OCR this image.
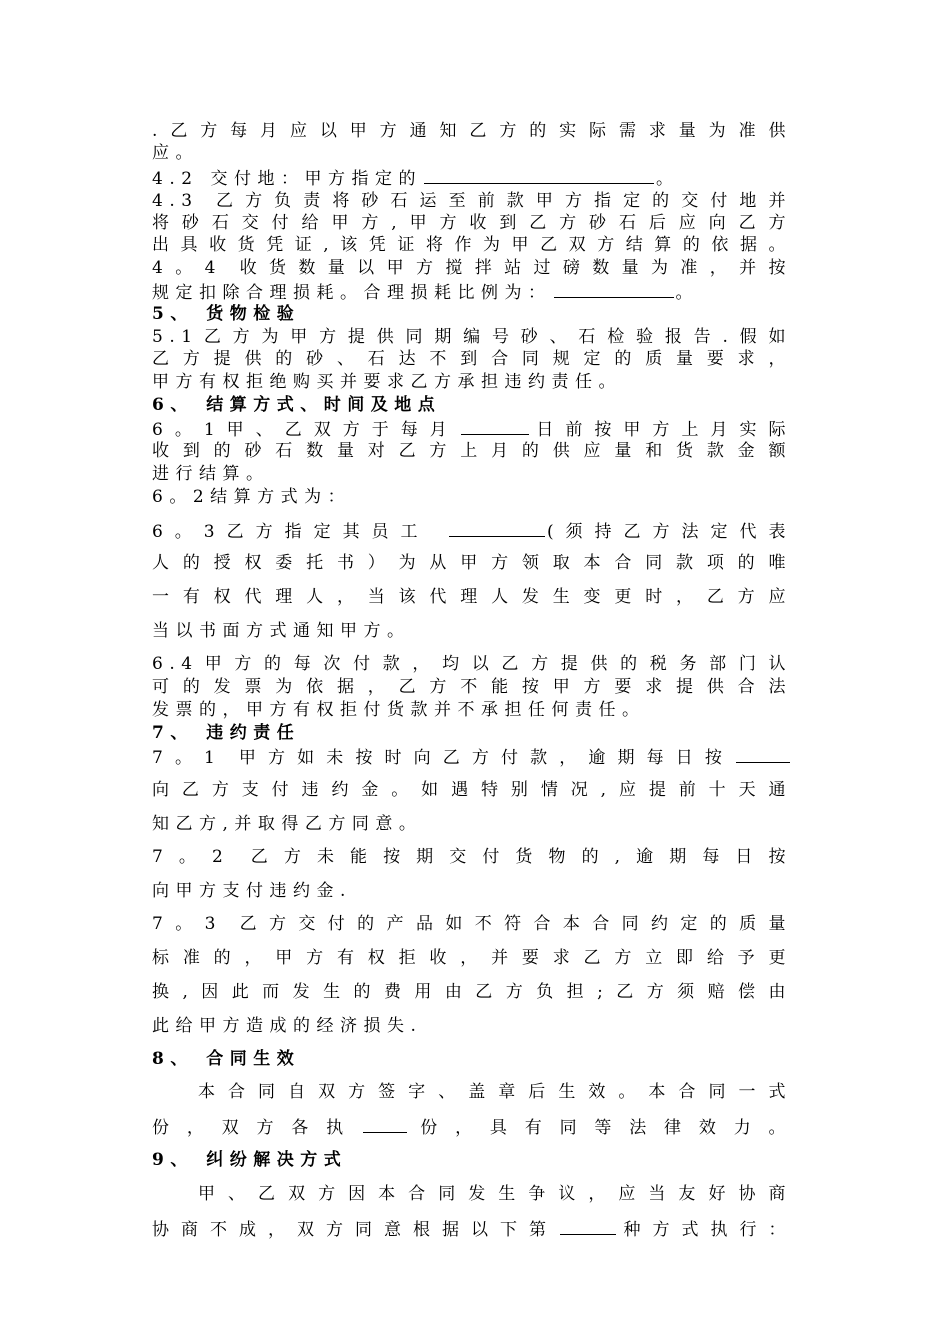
.乙方每月应以甲方通知乙方的实际需求量为准供
应。
4.2 交付地：甲方指定的	。
4.3 乙方负责将砂石运至前款甲方指定的交付地并
将砂石交付给甲方,甲方收到乙方砂石后应向乙方
出具收货凭证,该凭证将作为甲乙双方结算的依据。
4。4 收货数量以甲方搅拌站过磅数量为准，并按
规定扣除合理损耗。合理损耗比例为：	。
5、 货物检验
5.1乙方为甲方提供同期编号砂、石检验报告.假如
乙方提供的砂、石达不到合同规定的质量要求，
甲方有权拒绝购买并要求乙方承担违约责任。
6、 结算方式、时间及地点
6。1甲、乙双方于每月	日前按甲方上月实际
收到的砂石数量对乙方上月的供应量和货款金额
进行结算。
6。2结算方式为：
6。3乙方指定其员工	(须持乙方法定代表
人的授权委托书）为从甲方领取本合同款项的唯
一有权代理人，当该代理人发生变更时，乙方应
当以书面方式通知甲方。
6.4甲方的每次付款，均以乙方提供的税务部门认
可的发票为依据，乙方不能按甲方要求提供合法
发票的，甲方有权拒付货款并不承担任何责任。
7、 违约责任
7。1 甲方如未按时向乙方付款，逾期每日按
向乙方支付违约金。如遇特别情况,应提前十天通
知乙方,并取得乙方同意。
7。2 乙方未能按期交付货物的,逾期每日按
向甲方支付违约金.
7。3 乙方交付的产品如不符合本合同约定的质量
标准的，甲方有权拒收，并要求乙方立即给予更
换,因此而发生的费用由乙方负担;乙方须赔偿由
此给甲方造成的经济损失.
8、 合同生效
本合同自双方签字、盖章后生效。本合同一式
份，双方各执	份，具有同等法律效力。
9、 纠纷解决方式
甲、乙双方因本合同发生争议，应当友好协商
协商不成，双方同意根据以下第	种方式执行：
